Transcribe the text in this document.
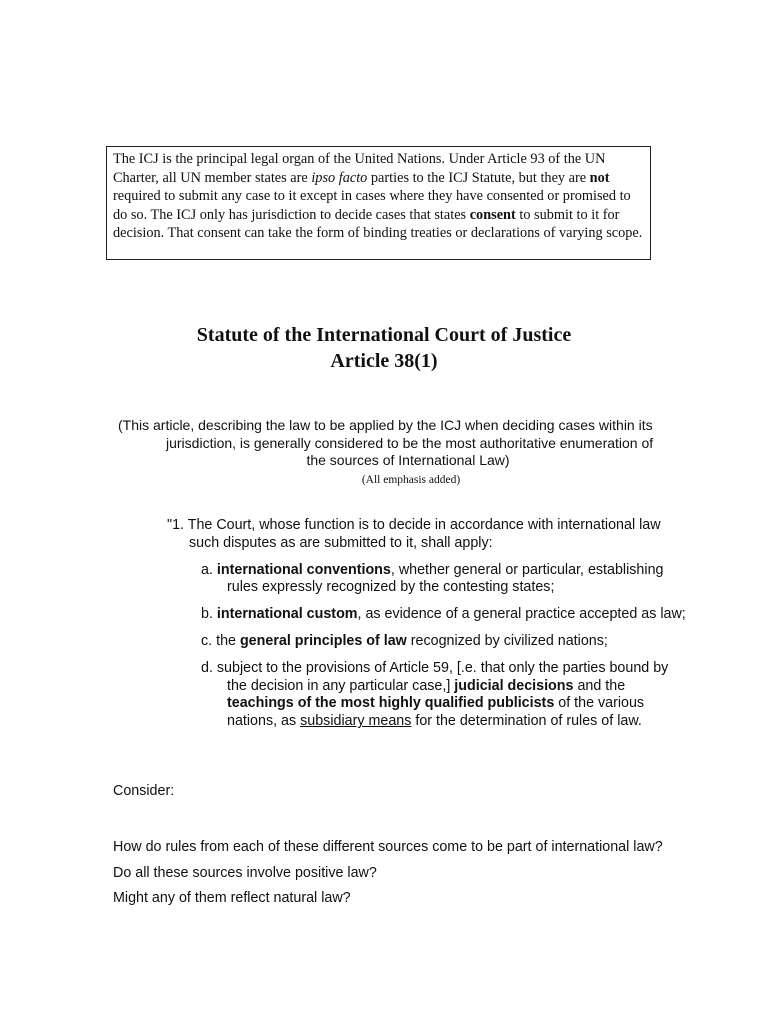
The ICJ is the principal legal organ of the United Nations. Under Article 93 of the UN Charter, all UN member states are ipso facto parties to the ICJ Statute, but they are not required to submit any case to it except in cases where they have consented or promised to do so. The ICJ only has jurisdiction to decide cases that states consent to submit to it for decision. That consent can take the form of binding treaties or declarations of varying scope.
Statute of the International Court of Justice
Article 38(1)
(This article, describing the law to be applied by the ICJ when deciding cases within its
jurisdiction, is generally considered to be the most authoritative enumeration of
the sources of International Law)
(All emphasis added)
"1. The Court, whose function is to decide in accordance with international law such disputes as are submitted to it, shall apply:
a. international conventions, whether general or particular, establishing rules expressly recognized by the contesting states;
b. international custom, as evidence of a general practice accepted as law;
c. the general principles of law recognized by civilized nations;
d. subject to the provisions of Article 59, [.e. that only the parties bound by the decision in any particular case,] judicial decisions and the teachings of the most highly qualified publicists of the various nations, as subsidiary means for the determination of rules of law.
Consider:
How do rules from each of these different sources come to be part of international law?
Do all these sources involve positive law?
Might any of them reflect natural law?
